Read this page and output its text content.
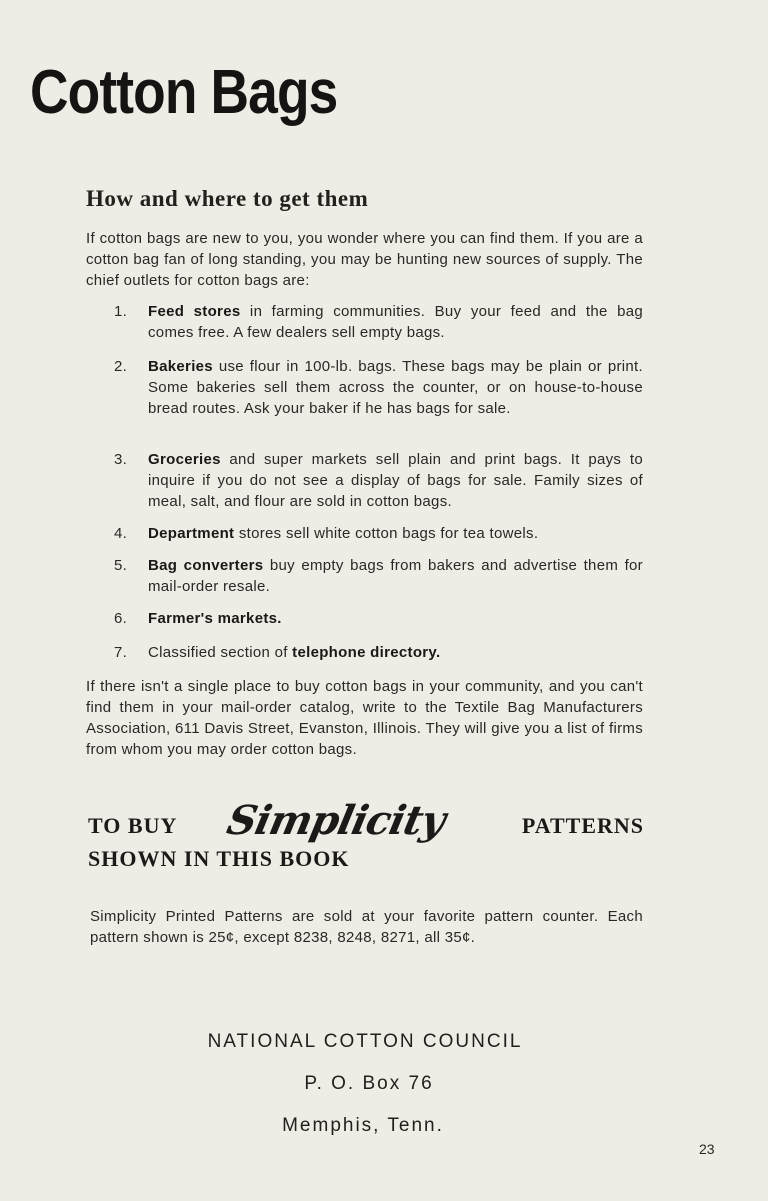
Cotton Bags
How and where to get them
If cotton bags are new to you, you wonder where you can find them. If you are a cotton bag fan of long standing, you may be hunting new sources of supply. The chief outlets for cotton bags are:
1.	Feed stores in farming communities. Buy your feed and the bag comes free. A few dealers sell empty bags.
2.	Bakeries use flour in 100-lb. bags. These bags may be plain or print. Some bakeries sell them across the counter, or on house-to-house bread routes. Ask your baker if he has bags for sale.
3.	Groceries and super markets sell plain and print bags. It pays to inquire if you do not see a display of bags for sale. Family sizes of meal, salt, and flour are sold in cotton bags.
4.	Department stores sell white cotton bags for tea towels.
5.	Bag converters buy empty bags from bakers and advertise them for mail-order resale.
6.	Farmer's markets.
7.	Classified section of telephone directory.
If there isn't a single place to buy cotton bags in your community, and you can't find them in your mail-order catalog, write to the Textile Bag Manufacturers Association, 611 Davis Street, Evanston, Illinois. They will give you a list of firms from whom you may order cotton bags.
TO BUY Simplicity	PATTERNS
SHOWN IN THIS BOOK
Simplicity Printed Patterns are sold at your favorite pattern counter. Each pattern shown is 25¢, except 8238, 8248, 8271, all 35¢.
NATIONAL COTTON COUNCIL
P. O. Box 76
Memphis, Tenn.
23
